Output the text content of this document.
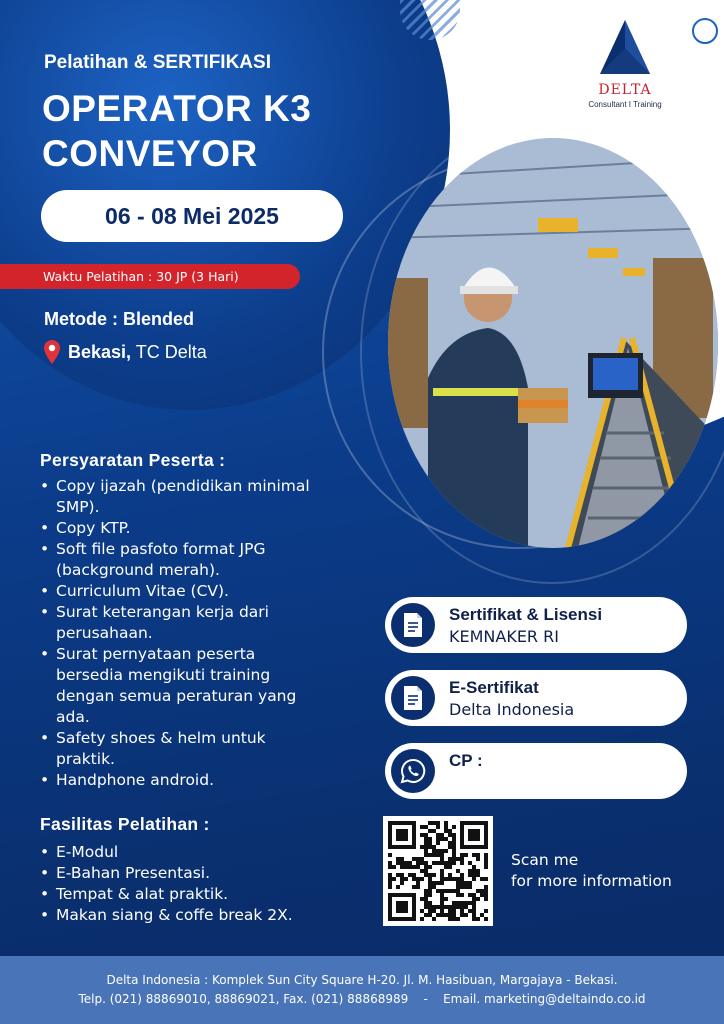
DELTA
Consultant I Training
Pelatihan & SERTIFIKASI
OPERATOR K3
CONVEYOR
06 - 08 Mei 2025
Waktu Pelatihan : 30 JP (3 Hari)
Metode : Blended
Bekasi, TC Delta
Persyaratan Peserta :
• Copy ijazah (pendidikan minimal SMP).
• Copy KTP.
• Soft file pasfoto format JPG (background merah).
• Curriculum Vitae (CV).
• Surat keterangan kerja dari perusahaan.
• Surat pernyataan peserta bersedia mengikuti training dengan semua peraturan yang ada.
• Safety shoes & helm untuk praktik.
• Handphone android.
Fasilitas Pelatihan :
• E-Modul
• E-Bahan Presentasi.
• Tempat & alat praktik.
• Makan siang & coffe break 2X.
Sertifikat & Lisensi
KEMNAKER RI
E-Sertifikat
Delta Indonesia
CP :
Scan me
for more information
Delta Indonesia : Komplek Sun City Square H-20. Jl. M. Hasibuan, Margajaya - Bekasi.
Telp. (021) 88869010, 88869021, Fax. (021) 88868989    -    Email. marketing@deltaindo.co.id
